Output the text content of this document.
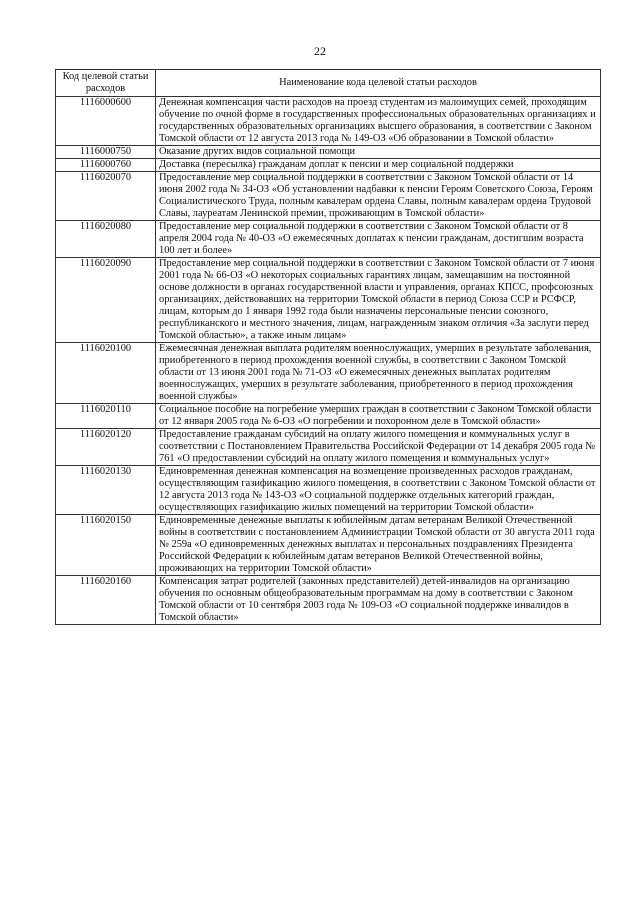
22
Код целевой статьи расходов	Наименование кода целевой статьи расходов
1116000600	Денежная компенсация части расходов на проезд студентам из малоимущих семей, проходящим обучение по очной форме в государственных профессиональных образовательных организациях и государственных образовательных организациях высшего образования, в соответствии с Законом Томской области от 12 августа 2013 года № 149-ОЗ «Об образовании в Томской области»
1116000750	Оказание других видов социальной помощи
1116000760	Доставка (пересылка) гражданам доплат к пенсии и мер социальной поддержки
1116020070	Предоставление мер социальной поддержки в соответствии с Законом Томской области от 14 июня 2002 года № 34-ОЗ «Об установлении надбавки к пенсии Героям Советского Союза, Героям Социалистического Труда, полным кавалерам ордена Славы, полным кавалерам ордена Трудовой Славы, лауреатам Ленинской премии, проживающим в Томской области»
1116020080	Предоставление мер социальной поддержки в соответствии с Законом Томской области от 8 апреля 2004 года № 40-ОЗ «О ежемесячных доплатах к пенсии гражданам, достигшим возраста 100 лет и более»
1116020090	Предоставление мер социальной поддержки в соответствии с Законом Томской области от 7 июня 2001 года № 66-ОЗ «О некоторых социальных гарантиях лицам, замещавшим на постоянной основе должности в органах государственной власти и управления, органах КПСС, профсоюзных организациях, действовавших на территории Томской области в период Союза ССР и РСФСР, лицам, которым до 1 января 1992 года были назначены персональные пенсии союзного, республиканского и местного значения, лицам, награжденным знаком отличия «За заслуги перед Томской областью», а также иным лицам»
1116020100	Ежемесячная денежная выплата родителям военнослужащих, умерших в результате заболевания, приобретенного в период прохождения военной службы, в соответствии с Законом Томской области от 13 июня 2001 года № 71-ОЗ «О ежемесячных денежных выплатах родителям военнослужащих, умерших в результате заболевания, приобретенного в период прохождения военной службы»
1116020110	Социальное пособие на погребение умерших граждан в соответствии с Законом Томской области от 12 января 2005 года № 6-ОЗ «О погребении и похоронном деле в Томской области»
1116020120	Предоставление гражданам субсидий на оплату жилого помещения и коммунальных услуг в соответствии с Постановлением Правительства Российской Федерации от 14 декабря 2005 года № 761 «О предоставлении субсидий на оплату жилого помещения и коммунальных услуг»
1116020130	Единовременная денежная компенсация на возмещение произведенных расходов гражданам, осуществляющим газификацию жилого помещения, в соответствии с Законом Томской области от 12 августа 2013 года № 143-ОЗ «О социальной поддержке отдельных категорий граждан, осуществляющих газификацию жилых помещений на территории Томской области»
1116020150	Единовременные денежные выплаты к юбилейным датам ветеранам Великой Отечественной войны в соответствии с постановлением Администрации Томской области от 30 августа 2011 года № 259а «О единовременных денежных выплатах и персональных поздравлениях Президента Российской Федерации к юбилейным датам ветеранов Великой Отечественной войны, проживающих на территории Томской области»
1116020160	Компенсация затрат родителей (законных представителей) детей-инвалидов на организацию обучения по основным общеобразовательным программам на дому в соответствии с Законом Томской области от 10 сентября 2003 года № 109-ОЗ «О социальной поддержке инвалидов в Томской области»
